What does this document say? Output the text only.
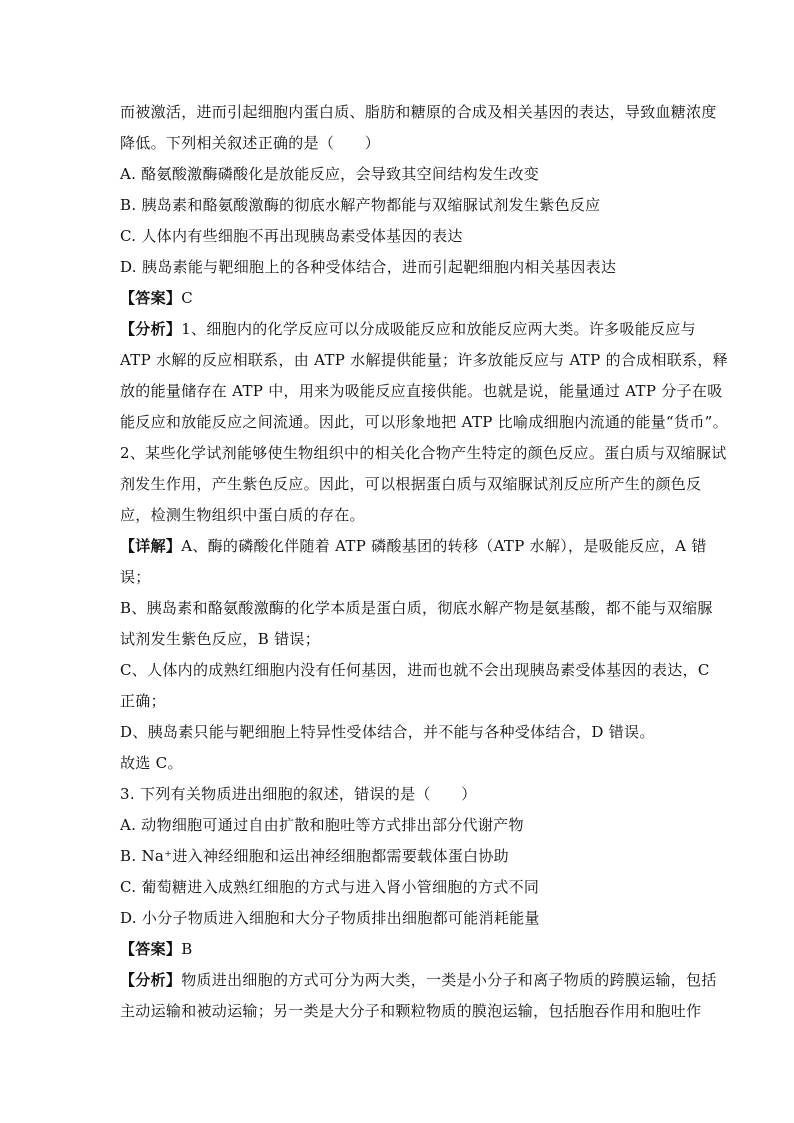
而被激活，进而引起细胞内蛋白质、脂肪和糖原的合成及相关基因的表达，导致血糖浓度
降低。下列相关叙述正确的是（　　）
A. 酪氨酸激酶磷酸化是放能反应，会导致其空间结构发生改变
B. 胰岛素和酪氨酸激酶的彻底水解产物都能与双缩脲试剂发生紫色反应
C. 人体内有些细胞不再出现胰岛素受体基因的表达
D. 胰岛素能与靶细胞上的各种受体结合，进而引起靶细胞内相关基因表达
【答案】C
【分析】1、细胞内的化学反应可以分成吸能反应和放能反应两大类。许多吸能反应与
ATP 水解的反应相联系，由 ATP 水解提供能量；许多放能反应与 ATP 的合成相联系，释
放的能量储存在 ATP 中，用来为吸能反应直接供能。也就是说，能量通过 ATP 分子在吸
能反应和放能反应之间流通。因此，可以形象地把 ATP 比喻成细胞内流通的能量“货币”。
2、某些化学试剂能够使生物组织中的相关化合物产生特定的颜色反应。蛋白质与双缩脲试
剂发生作用，产生紫色反应。因此，可以根据蛋白质与双缩脲试剂反应所产生的颜色反
应，检测生物组织中蛋白质的存在。
【详解】A、酶的磷酸化伴随着 ATP 磷酸基团的转移（ATP 水解），是吸能反应，A 错
误；
B、胰岛素和酪氨酸激酶的化学本质是蛋白质，彻底水解产物是氨基酸，都不能与双缩脲
试剂发生紫色反应，B 错误；
C、人体内的成熟红细胞内没有任何基因，进而也就不会出现胰岛素受体基因的表达，C
正确；
D、胰岛素只能与靶细胞上特异性受体结合，并不能与各种受体结合，D 错误。
故选 C。
3. 下列有关物质进出细胞的叙述，错误的是（　　）
A. 动物细胞可通过自由扩散和胞吐等方式排出部分代谢产物
B. Na⁺进入神经细胞和运出神经细胞都需要载体蛋白协助
C. 葡萄糖进入成熟红细胞的方式与进入肾小管细胞的方式不同
D. 小分子物质进入细胞和大分子物质排出细胞都可能消耗能量
【答案】B
【分析】物质进出细胞的方式可分为两大类，一类是小分子和离子物质的跨膜运输，包括
主动运输和被动运输；另一类是大分子和颗粒物质的膜泡运输，包括胞吞作用和胞吐作
